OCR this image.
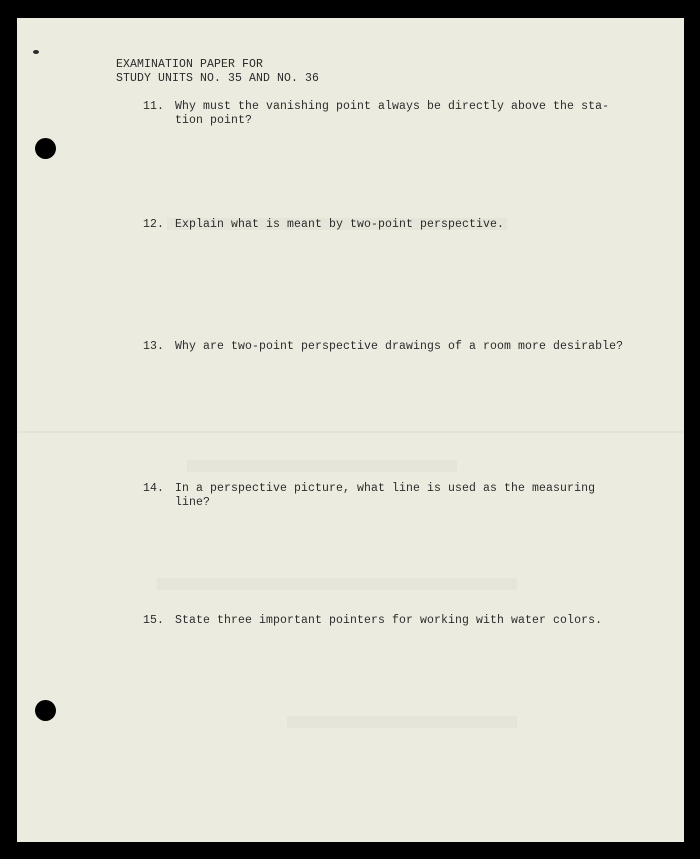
EXAMINATION PAPER FOR
STUDY UNITS NO. 35 AND NO. 36
11. Why must the vanishing point always be directly above the sta-
tion point?
12. Explain what is meant by two-point perspective.
13. Why are two-point perspective drawings of a room more desirable?
14. In a perspective picture, what line is used as the measuring
line?
15. State three important pointers for working with water colors.
